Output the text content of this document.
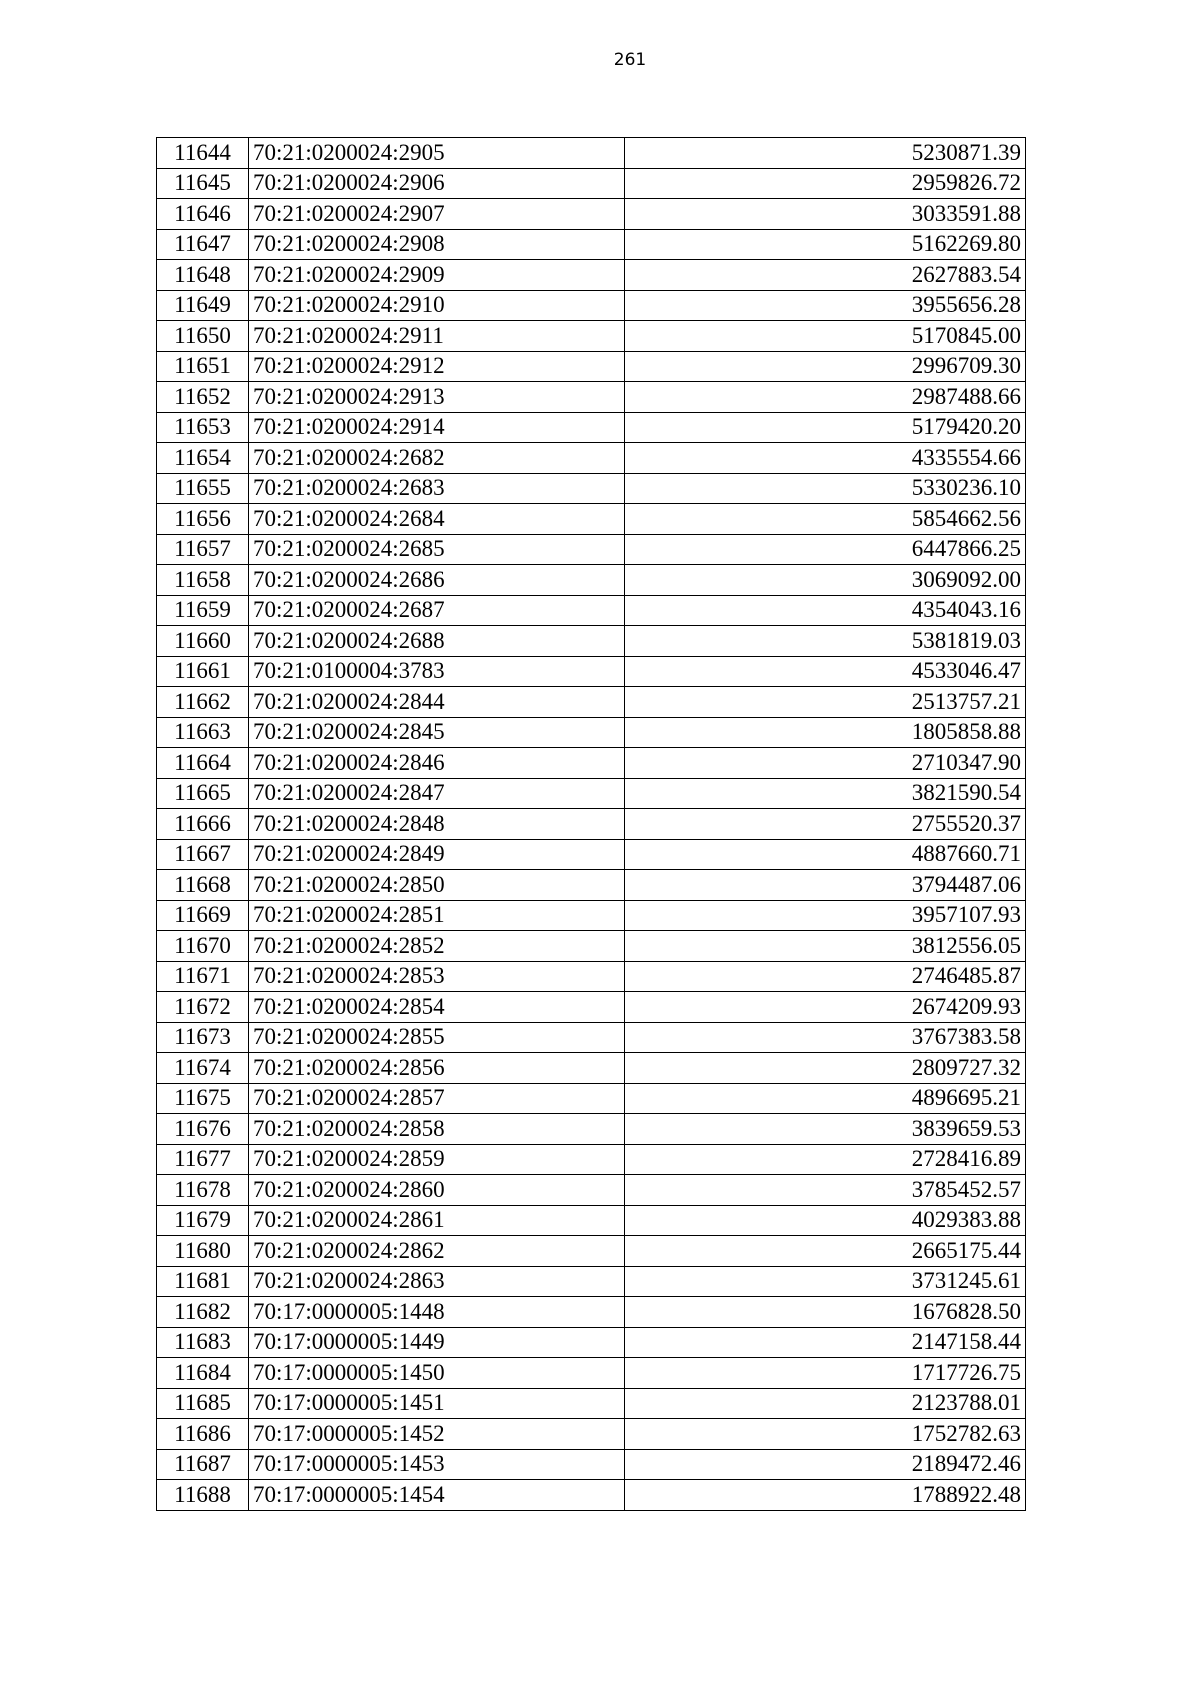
261
11644	70:21:0200024:2905	5230871.39
11645	70:21:0200024:2906	2959826.72
11646	70:21:0200024:2907	3033591.88
11647	70:21:0200024:2908	5162269.80
11648	70:21:0200024:2909	2627883.54
11649	70:21:0200024:2910	3955656.28
11650	70:21:0200024:2911	5170845.00
11651	70:21:0200024:2912	2996709.30
11652	70:21:0200024:2913	2987488.66
11653	70:21:0200024:2914	5179420.20
11654	70:21:0200024:2682	4335554.66
11655	70:21:0200024:2683	5330236.10
11656	70:21:0200024:2684	5854662.56
11657	70:21:0200024:2685	6447866.25
11658	70:21:0200024:2686	3069092.00
11659	70:21:0200024:2687	4354043.16
11660	70:21:0200024:2688	5381819.03
11661	70:21:0100004:3783	4533046.47
11662	70:21:0200024:2844	2513757.21
11663	70:21:0200024:2845	1805858.88
11664	70:21:0200024:2846	2710347.90
11665	70:21:0200024:2847	3821590.54
11666	70:21:0200024:2848	2755520.37
11667	70:21:0200024:2849	4887660.71
11668	70:21:0200024:2850	3794487.06
11669	70:21:0200024:2851	3957107.93
11670	70:21:0200024:2852	3812556.05
11671	70:21:0200024:2853	2746485.87
11672	70:21:0200024:2854	2674209.93
11673	70:21:0200024:2855	3767383.58
11674	70:21:0200024:2856	2809727.32
11675	70:21:0200024:2857	4896695.21
11676	70:21:0200024:2858	3839659.53
11677	70:21:0200024:2859	2728416.89
11678	70:21:0200024:2860	3785452.57
11679	70:21:0200024:2861	4029383.88
11680	70:21:0200024:2862	2665175.44
11681	70:21:0200024:2863	3731245.61
11682	70:17:0000005:1448	1676828.50
11683	70:17:0000005:1449	2147158.44
11684	70:17:0000005:1450	1717726.75
11685	70:17:0000005:1451	2123788.01
11686	70:17:0000005:1452	1752782.63
11687	70:17:0000005:1453	2189472.46
11688	70:17:0000005:1454	1788922.48
